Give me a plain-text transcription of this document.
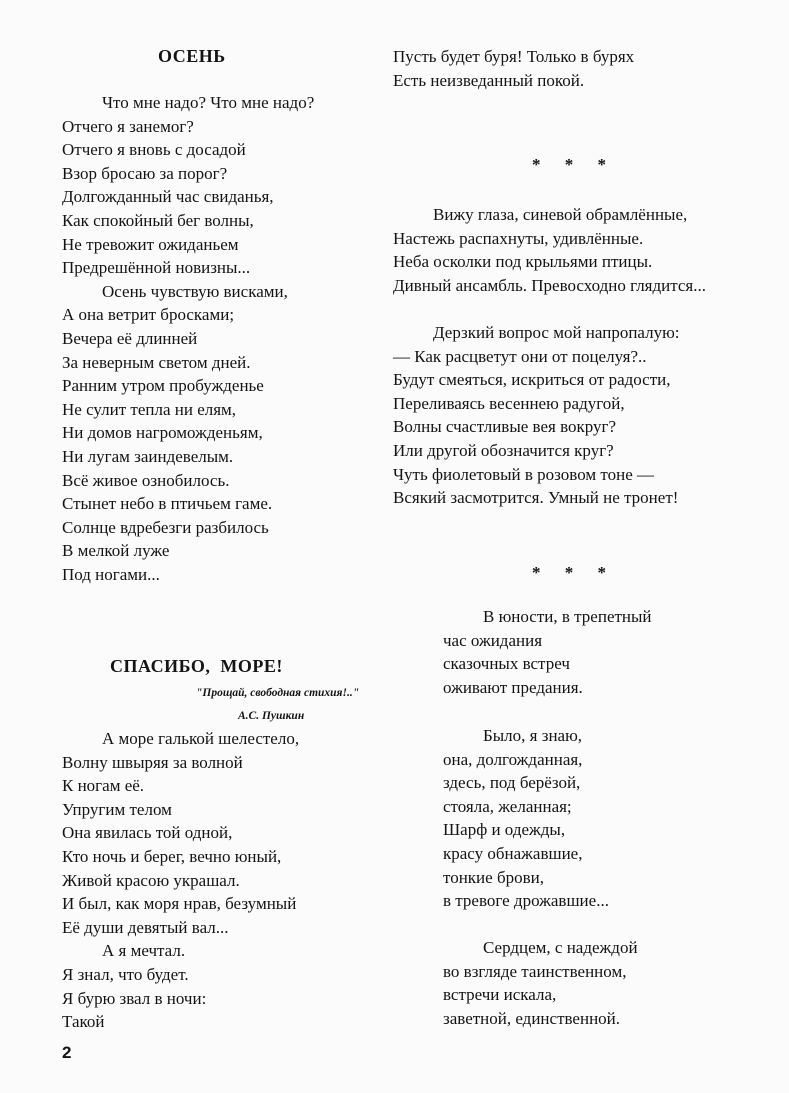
ОСЕНЬ
Что мне надо? Что мне надо?
Отчего я занемог?
Отчего я вновь с досадой
Взор бросаю за порог?
Долгожданный час свиданья,
Как спокойный бег волны,
Не тревожит ожиданьем
Предрешённой новизны...
Осень чувствую висками,
А она ветрит бросками;
Вечера её длинней
За неверным светом дней.
Ранним утром пробужденье
Не сулит тепла ни елям,
Ни домов нагроможденьям,
Ни лугам заиндевелым.
Всё живое ознобилось.
Стынет небо в птичьем гаме.
Солнце вдребезги разбилось
В мелкой луже
Под ногами...
СПАСИБО,  МОРЕ!
"Прощай, свободная стихия!.."
А.С. Пушкин
А море галькой шелестело,
Волну швыряя за волной
К ногам её.
Упругим телом
Она явилась той одной,
Кто ночь и берег, вечно юный,
Живой красою украшал.
И был, как моря нрав, безумный
Её души девятый вал...
А я мечтал.
Я знал, что будет.
Я бурю звал в ночи:
Такой
Пусть будет буря! Только в бурях
Есть неизведанный покой.
* * *
Вижу глаза, синевой обрамлённые,
Настежь распахнуты, удивлённые.
Неба осколки под крыльями птицы.
Дивный ансамбль. Превосходно глядится...
Дерзкий вопрос мой напропалую:
— Как расцветут они от поцелуя?..
Будут смеяться, искриться от радости,
Переливаясь весеннею радугой,
Волны счастливые вея вокруг?
Или другой обозначится круг?
Чуть фиолетовый в розовом тоне —
Всякий засмотрится. Умный не тронет!
* * *
В юности, в трепетный
час ожидания
сказочных встреч
оживают предания.
Было, я знаю,
она, долгожданная,
здесь, под берёзой,
стояла, желанная;
Шарф и одежды,
красу обнажавшие,
тонкие брови,
в тревоге дрожавшие...
Сердцем, с надеждой
во взгляде таинственном,
встречи искала,
заветной, единственной.
2
